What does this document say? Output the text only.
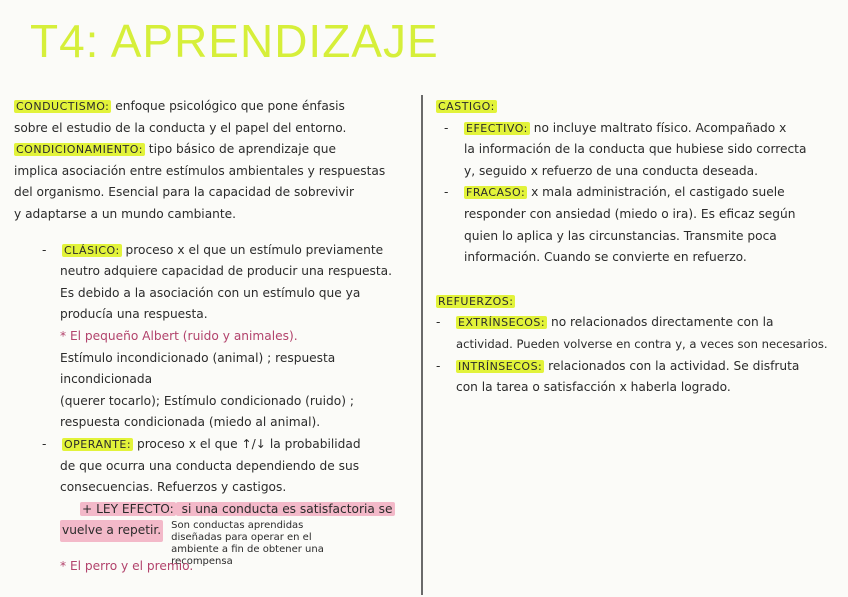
T4: APRENDIZAJE

CONDUCTISMO: enfoque psicológico que pone énfasis

sobre el estudio de la conducta y el papel del entorno.

CONDICIONAMIENTO: tipo básico de aprendizaje que

implica asociación entre estímulos ambientales y respuestas

del organismo. Esencial para la capacidad de sobrevivir

y adaptarse a un mundo cambiante.

- CLÁSICO: proceso x el que un estímulo previamente

neutro adquiere capacidad de producir una respuesta.

Es debido a la asociación con un estímulo que ya

producía una respuesta.

* El pequeño Albert (ruido y animales).

Estímulo incondicionado (animal) ; respuesta incondicionada

(querer tocarlo); Estímulo condicionado (ruido) ;

respuesta condicionada (miedo al animal).

- OPERANTE: proceso x el que ↑/↓ la probabilidad

de que ocurra una conducta dependiendo de sus

consecuencias. Refuerzos y castigos.

+ LEY EFECTO: si una conducta es satisfactoria se

vuelve a repetir. Son conductas aprendidas diseñadas para operar en el ambiente a fin de obtener una recompensa

* El perro y el premio.

CASTIGO:

- EFECTIVO: no incluye maltrato físico. Acompañado x

la información de la conducta que hubiese sido correcta

y, seguido x refuerzo de una conducta deseada.

- FRACASO: x mala administración, el castigado suele

responder con ansiedad (miedo o ira). Es eficaz según

quien lo aplica y las circunstancias. Transmite poca

información. Cuando se convierte en refuerzo.

REFUERZOS:

- EXTRÍNSECOS: no relacionados directamente con la

actividad. Pueden volverse en contra y, a veces son necesarios.

- INTRÍNSECOS: relacionados con la actividad. Se disfruta

con la tarea o satisfacción x haberla logrado.
